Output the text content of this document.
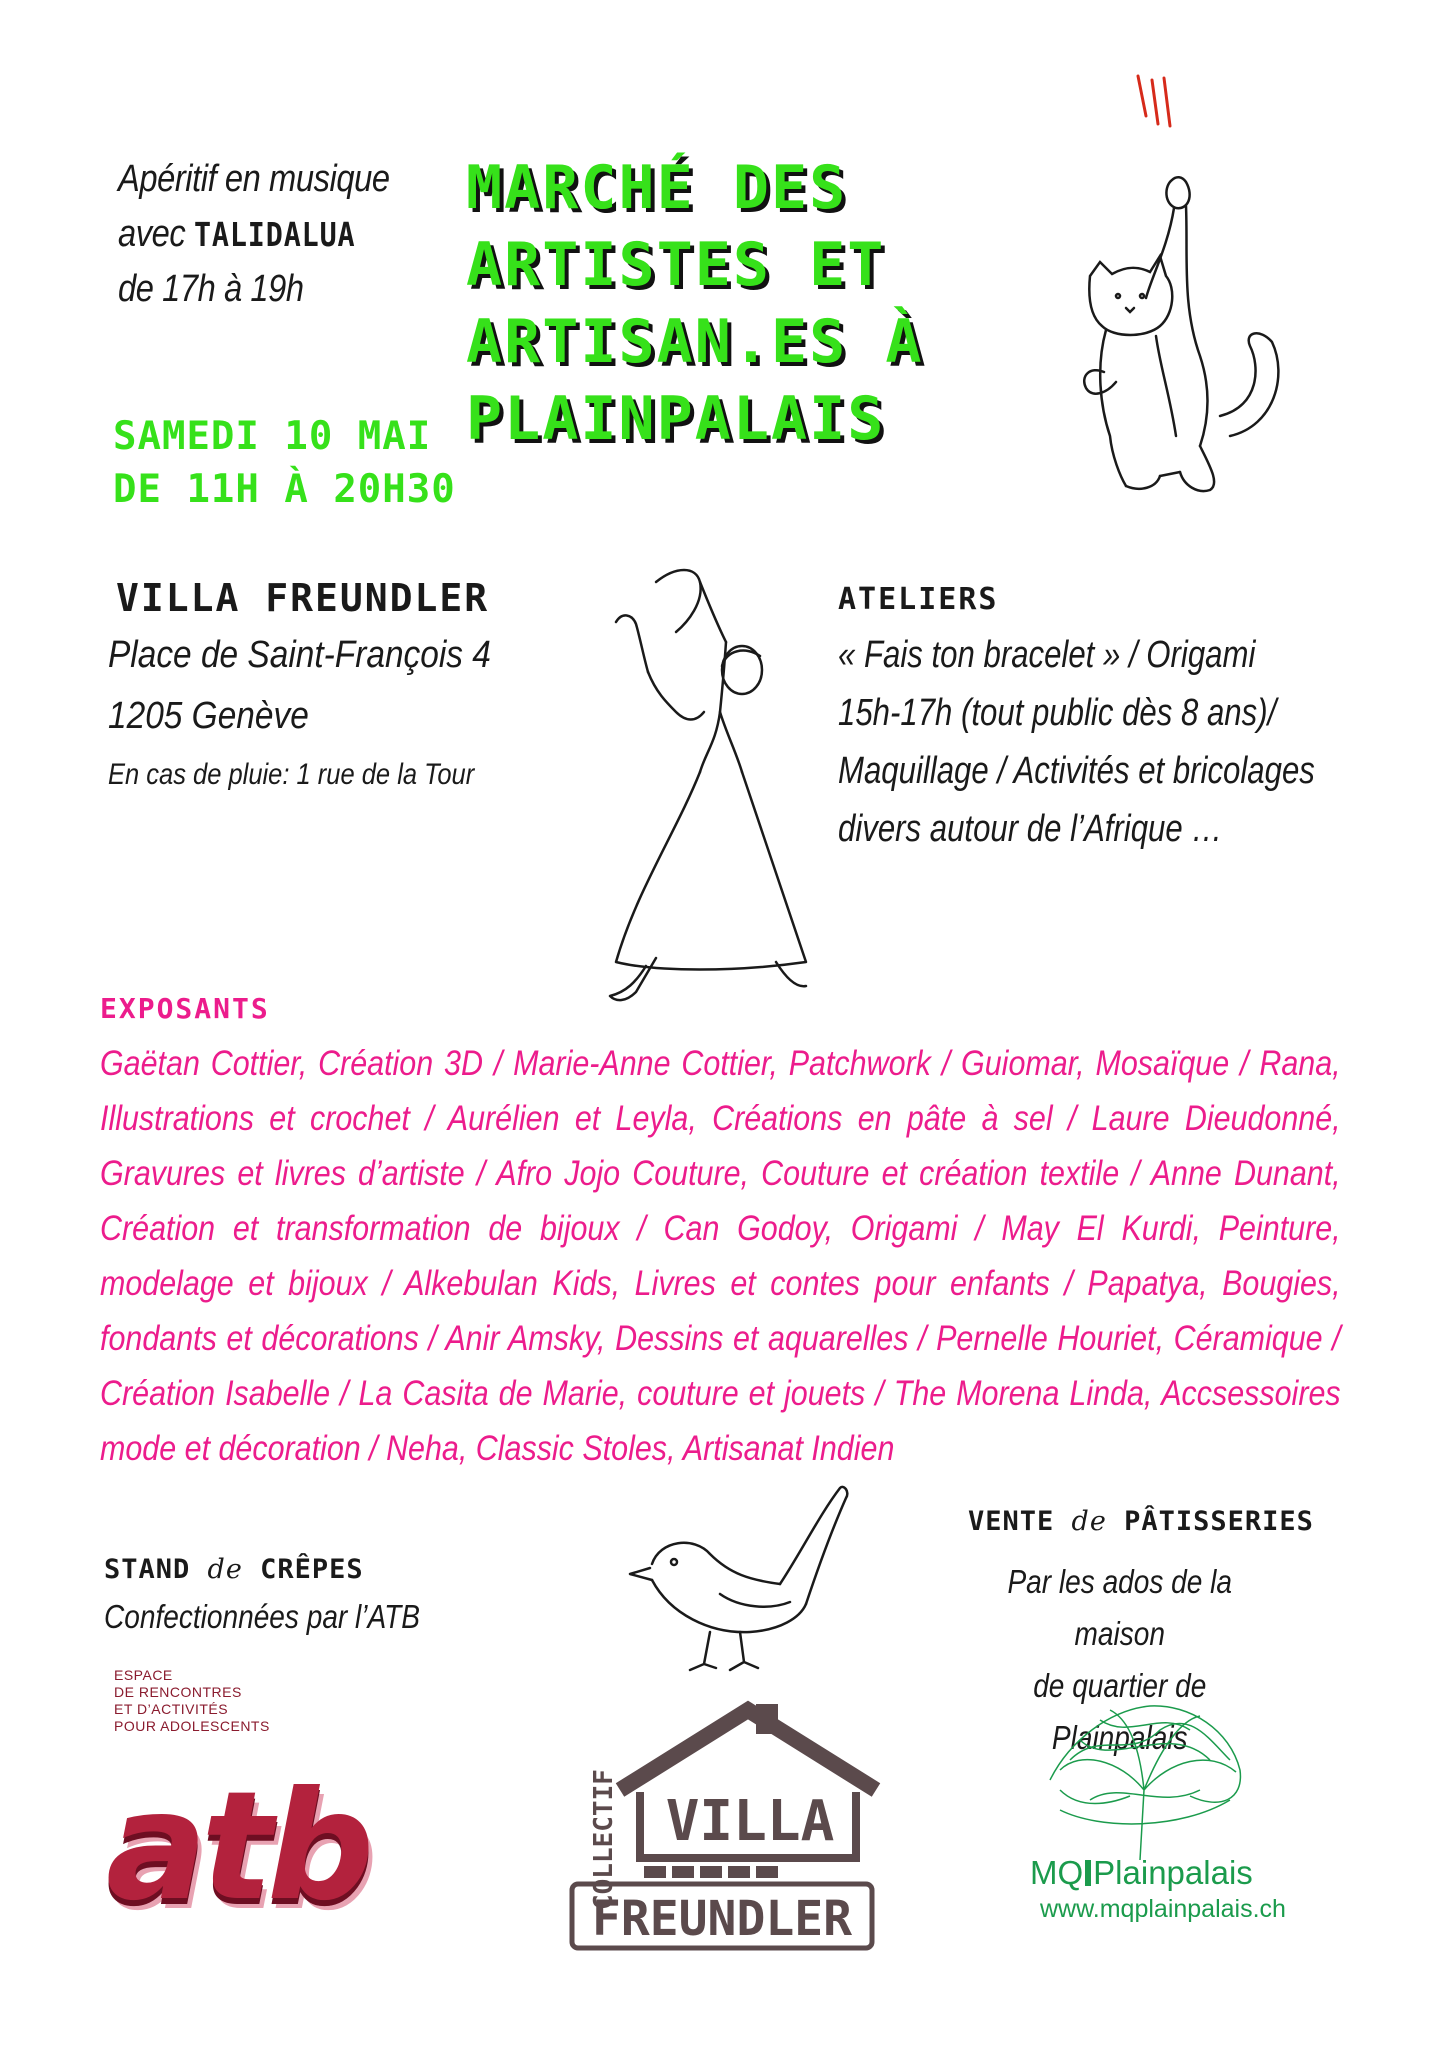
Apéritif en musique
avec TALIDALUA
de 17h à 19h
MARCHÉ DES
ARTISTES ET
ARTISAN.ES À
PLAINPALAIS
SAMEDI 10 MAI
DE 11H À 20H30
VILLA FREUNDLER
Place de Saint-François 4
1205 Genève
En cas de pluie: 1 rue de la Tour
ATELIERS
« Fais ton bracelet » / Origami
15h-17h (tout public dès 8 ans)/
Maquillage / Activités et bricolages
divers autour de l’Afrique …
EXPOSANTS
Gaëtan Cottier, Création 3D / Marie-Anne Cottier, Patchwork / Guiomar, Mosaïque / Rana, Illustrations et crochet / Aurélien et Leyla, Créations en pâte à sel / Laure Dieudonné, Gravures et livres d’artiste / Afro Jojo Couture, Couture et création textile / Anne Dunant, Création et transformation de bijoux / Can Godoy, Origami / May El Kurdi, Peinture, modelage et bijoux / Alkebulan Kids, Livres et contes pour enfants / Papatya, Bougies, fondants et décorations / Anir Amsky, Dessins et aquarelles / Pernelle Houriet, Céramique / Création Isabelle / La Casita de Marie, couture et jouets / The Morena Linda, Accsessoires mode et décoration / Neha, Classic Stoles, Artisanat Indien
STAND de CRÊPES
Confectionnées par l’ATB
VENTE de PÂTISSERIES
Par les ados de la maison
de quartier de Plainpalais
ESPACE
DE RENCONTRES
ET D’ACTIVITÉS
POUR ADOLESCENTS
atb	COLLECTIF VILLA
FREUNDLER
MQ Plainpalais
www.mqplainpalais.ch
